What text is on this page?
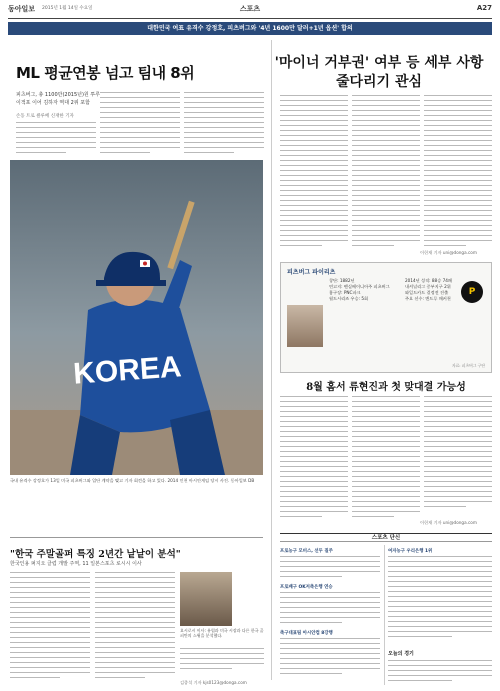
동아일보 2015년 1월 14일 수요일	스포츠	A27
대한민국 여표 유격수 강정호, 피츠버그와 '4년 1600만 달러+1년 옵션' 합의
ML 평균연봉 넘고 팀내 8위
'마이너 거부권' 여부 등 세부 사항 줄다리기 관심
피츠버그, 총 1100만(2015년)원 투루 이적포 이어 김하자 역대 2위 포함
손동 트로 클루베 신재한 기자
이헌재 기자 uni@donga.com
KOREA
국내 유격수 강정호가 13일 미국 피츠버그와 입단 계약을 맺고 기자 회견을 하고 있다. 2014 인천 아시안게임 당시 사진. 동아일보 DB
피츠버그 파이리츠
창단: 1882년
연고지: 펜실베이니아주 피츠버그
홈구장: PNC파크
월드시리즈 우승: 5회
2014년 성적: 88승 74패
내셔널리그 중부지구 2위
와일드카드 결정전 진출
주요 선수: 앤드루 매커천
P
자료: 피츠버그 구단
8월 홈서 류현진과 첫 맞대결 가능성
이헌재 기자 uni@donga.com
"한국 주말골퍼 특징 2년간 낱낱이 분석"
한국인용 퍼지오 클럽 개발 주역, 11 일본스포츠 로시시 이사
요시로시 이사: 유럽과 미국 시장과 다른 한국 골퍼만의 스윙을 분석했다.
김종석 기자 kjs0123@donga.com
스포츠 단신
프로농구 모비스, 선두 질주
프로배구 OK저축은행 연승
축구대표팀 아시안컵 8강행
여자농구 우리은행 1위
오늘의 경기
